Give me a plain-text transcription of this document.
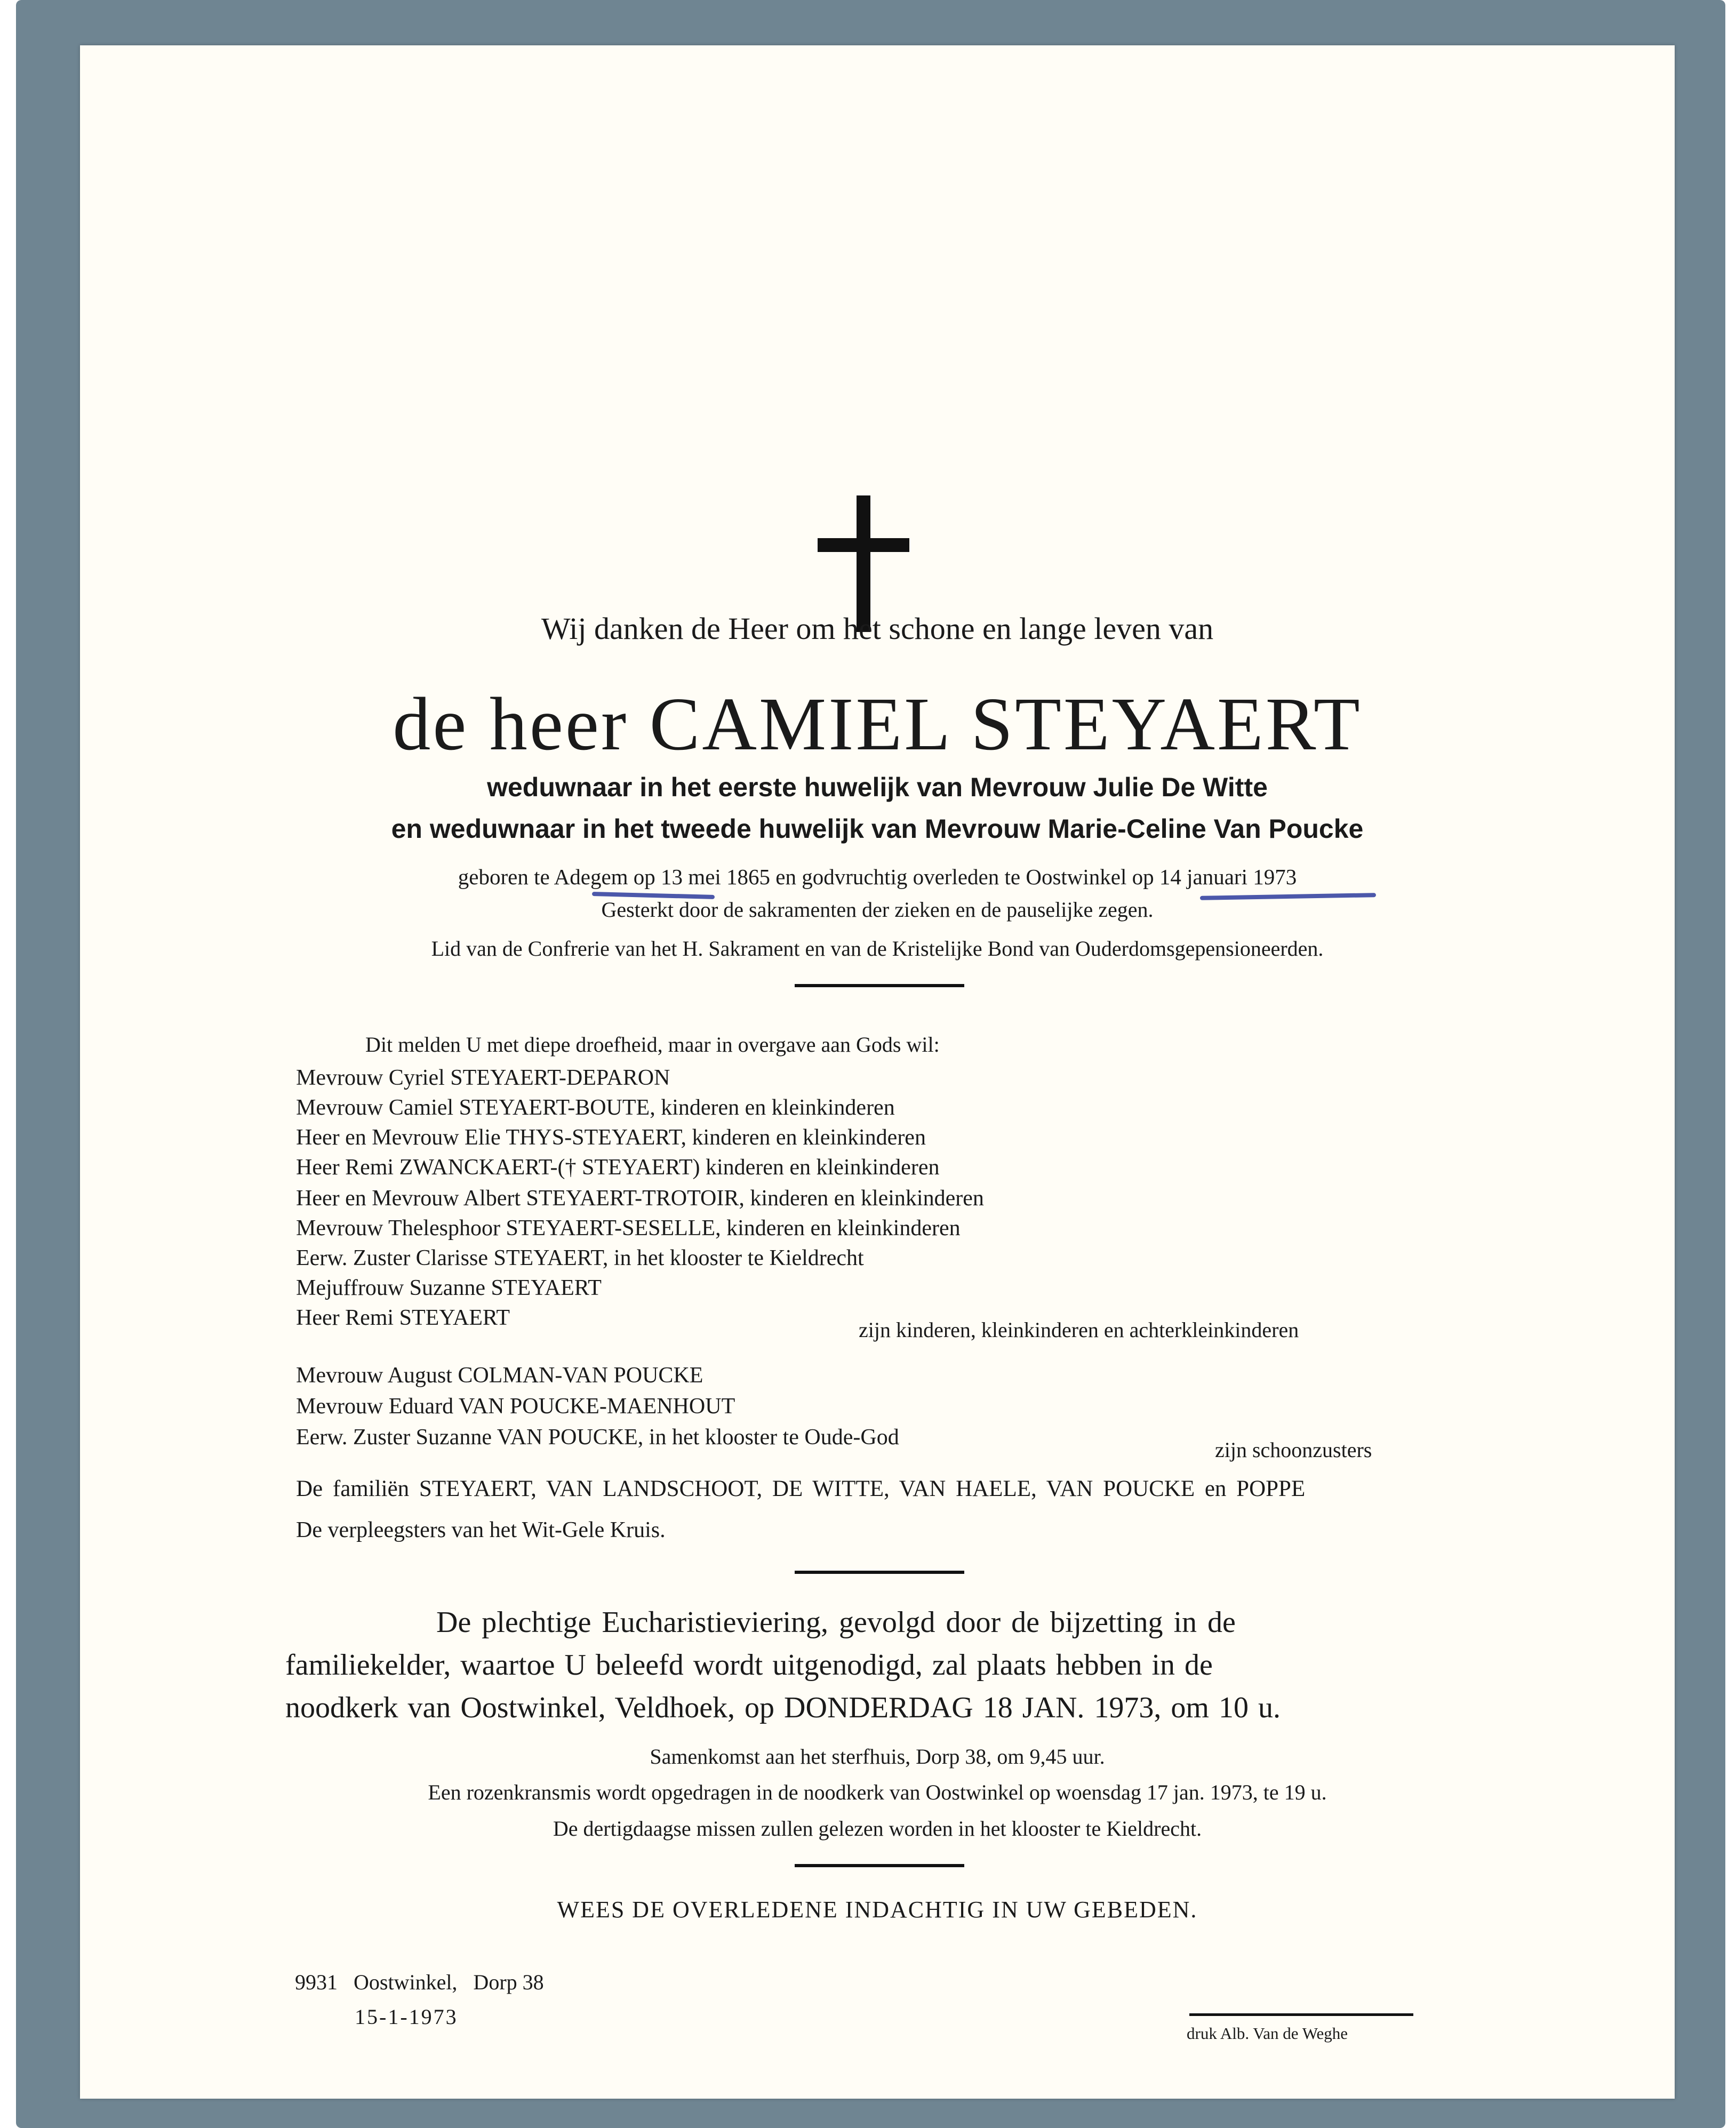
Wij danken de Heer om het schone en lange leven van
de heer CAMIEL STEYAERT
weduwnaar in het eerste huwelijk van Mevrouw Julie De Witte
en weduwnaar in het tweede huwelijk van Mevrouw Marie-Celine Van Poucke
geboren te Adegem op 13 mei 1865 en godvruchtig overleden te Oostwinkel op 14 januari 1973
Gesterkt door de sakramenten der zieken en de pauselijke zegen.
Lid van de Confrerie van het H. Sakrament en van de Kristelijke Bond van Ouderdomsgepensioneerden.
Dit melden U met diepe droefheid, maar in overgave aan Gods wil:
Mevrouw Cyriel STEYAERT-DEPARON
Mevrouw Camiel STEYAERT-BOUTE, kinderen en kleinkinderen
Heer en Mevrouw Elie THYS-STEYAERT, kinderen en kleinkinderen
Heer Remi ZWANCKAERT-(† STEYAERT) kinderen en kleinkinderen
Heer en Mevrouw Albert STEYAERT-TROTOIR, kinderen en kleinkinderen
Mevrouw Thelesphoor STEYAERT-SESELLE, kinderen en kleinkinderen
Eerw. Zuster Clarisse STEYAERT, in het klooster te Kieldrecht
Mejuffrouw Suzanne STEYAERT
Heer Remi STEYAERT	zijn kinderen, kleinkinderen en achterkleinkinderen
Mevrouw August COLMAN-VAN POUCKE
Mevrouw Eduard VAN POUCKE-MAENHOUT
Eerw. Zuster Suzanne VAN POUCKE, in het klooster te Oude-God
zijn schoonzusters
De familiën STEYAERT, VAN LANDSCHOOT, DE WITTE, VAN HAELE, VAN POUCKE en POPPE
De verpleegsters van het Wit-Gele Kruis.
De plechtige Eucharistieviering, gevolgd door de bijzetting in de
familiekelder, waartoe U beleefd wordt uitgenodigd, zal plaats hebben in de
noodkerk van Oostwinkel, Veldhoek, op DONDERDAG 18 JAN. 1973, om 10 u.
Samenkomst aan het sterfhuis, Dorp 38, om 9,45 uur.
Een rozenkransmis wordt opgedragen in de noodkerk van Oostwinkel op woensdag 17 jan. 1973, te 19 u.
De dertigdaagse missen zullen gelezen worden in het klooster te Kieldrecht.
WEES DE OVERLEDENE INDACHTIG IN UW GEBEDEN.
9931   Oostwinkel,   Dorp 38
15-1-1973
druk Alb. Van de Weghe
